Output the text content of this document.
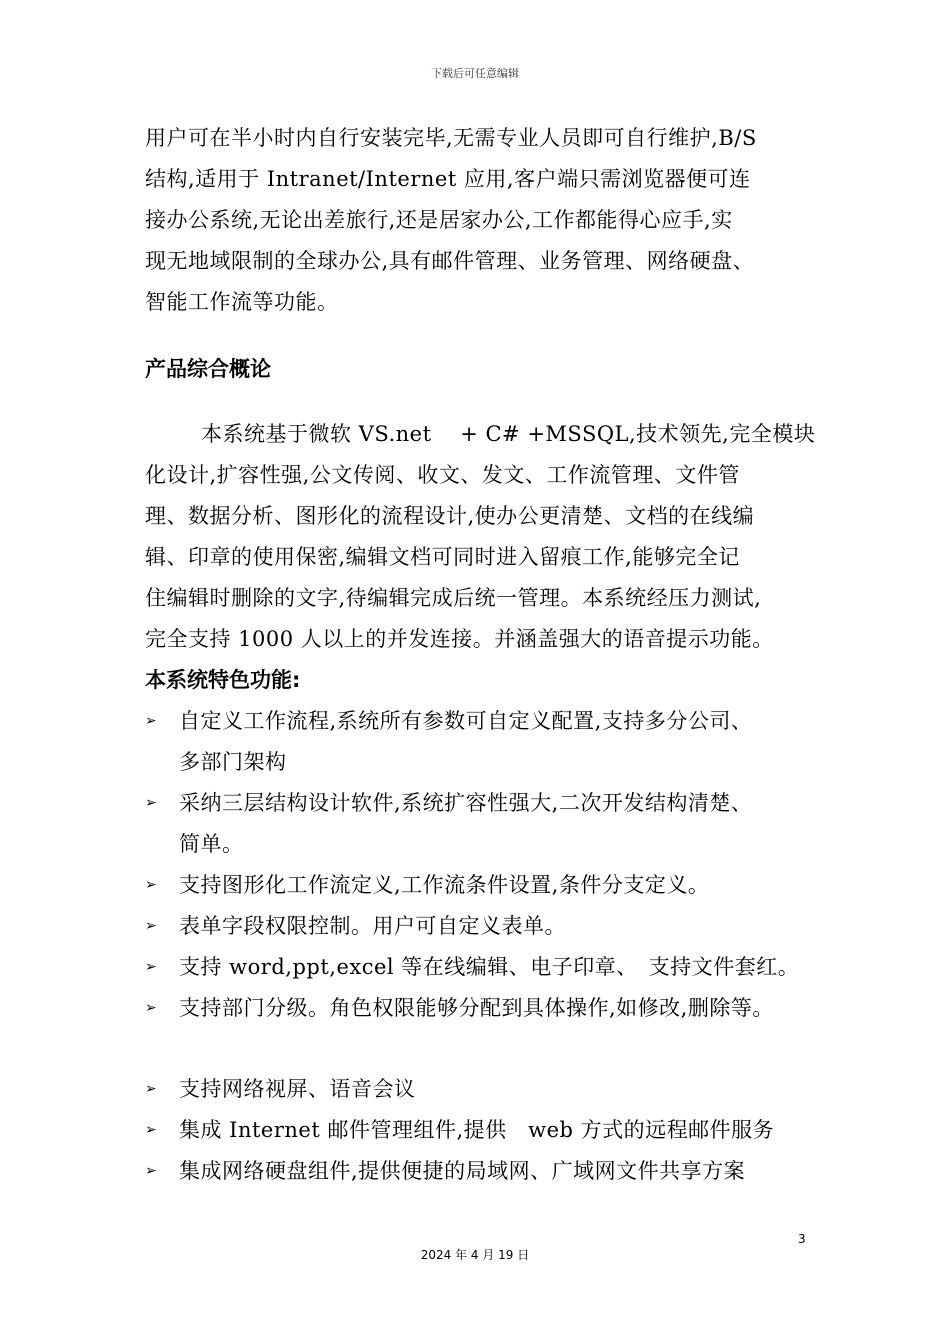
下载后可任意编辑

用户可在半小时内自行安装完毕,无需专业人员即可自行维护,B/S
结构,适用于 Intranet/Internet 应用,客户端只需浏览器便可连
接办公系统,无论出差旅行,还是居家办公,工作都能得心应手,实
现无地域限制的全球办公,具有邮件管理、业务管理、网络硬盘、
智能工作流等功能。

产品综合概论

本系统基于微软 VS.net　 + C# +MSSQL,技术领先,完全模块
化设计,扩容性强,公文传阅、收文、发文、工作流管理、文件管
理、数据分析、图形化的流程设计,使办公更清楚、文档的在线编
辑、印章的使用保密,编辑文档可同时进入留痕工作,能够完全记
住编辑时删除的文字,待编辑完成后统一管理。本系统经压力测试,
完全支持 1000 人以上的并发连接。并涵盖强大的语音提示功能。

本系统特色功能:
➢ 自定义工作流程,系统所有参数可自定义配置,支持多分公司、
多部门架构
➢ 采纳三层结构设计软件,系统扩容性强大,二次开发结构清楚、
简单。
➢ 支持图形化工作流定义,工作流条件设置,条件分支定义。
➢ 表单字段权限控制。用户可自定义表单。
➢ 支持 word,ppt,excel 等在线编辑、电子印章、　支持文件套红。
➢ 支持部门分级。角色权限能够分配到具体操作,如修改,删除等。
➢ 支持网络视屏、语音会议
➢ 集成 Internet 邮件管理组件,提供　web 方式的远程邮件服务
➢ 集成网络硬盘组件,提供便捷的局域网、广域网文件共享方案
3
2024 年 4 月 19 日
